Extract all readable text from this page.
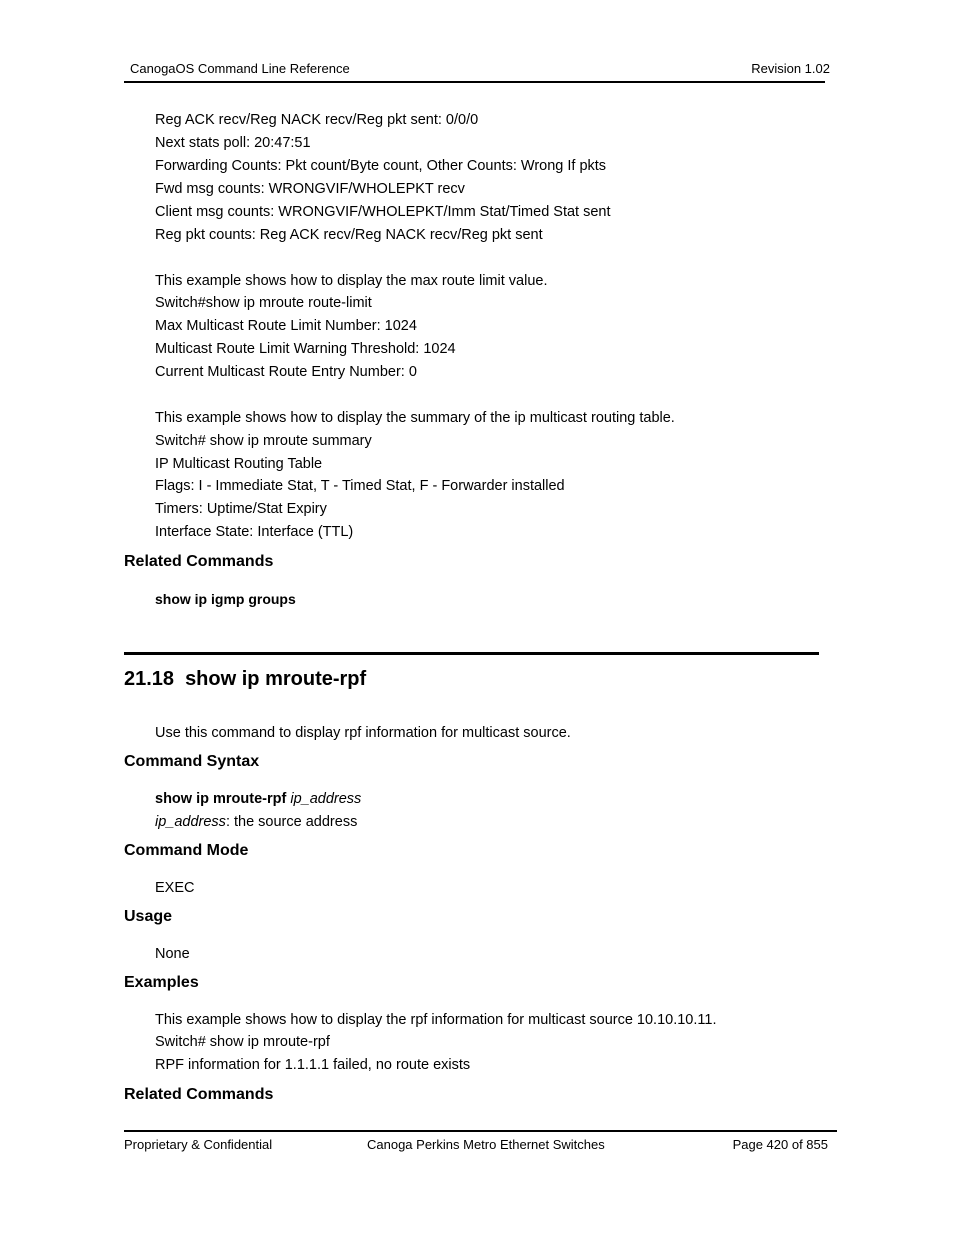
CanogaOS Command Line Reference	Revision 1.02
Reg ACK recv/Reg NACK recv/Reg pkt sent: 0/0/0
Next stats poll: 20:47:51
Forwarding Counts: Pkt count/Byte count, Other Counts: Wrong If pkts
Fwd msg counts: WRONGVIF/WHOLEPKT recv
Client msg counts: WRONGVIF/WHOLEPKT/Imm Stat/Timed Stat sent
Reg pkt counts: Reg ACK recv/Reg NACK recv/Reg pkt sent
This example shows how to display the max route limit value.
Switch#show ip mroute route-limit
Max Multicast Route Limit Number: 1024
Multicast Route Limit Warning Threshold: 1024
Current Multicast Route Entry Number: 0
This example shows how to display the summary of the ip multicast routing table.
Switch# show ip mroute summary
IP Multicast Routing Table
Flags: I - Immediate Stat, T - Timed Stat, F - Forwarder installed
Timers: Uptime/Stat Expiry
Interface State: Interface (TTL)
Related Commands
show ip igmp groups
21.18 show ip mroute-rpf
Use this command to display rpf information for multicast source.
Command Syntax
show ip mroute-rpf ip_address
ip_address: the source address
Command Mode
EXEC
Usage
None
Examples
This example shows how to display the rpf information for multicast source 10.10.10.11.
Switch# show ip mroute-rpf
RPF information for 1.1.1.1 failed, no route exists
Related Commands
Proprietary & Confidential	Canoga Perkins Metro Ethernet Switches	Page 420 of 855
